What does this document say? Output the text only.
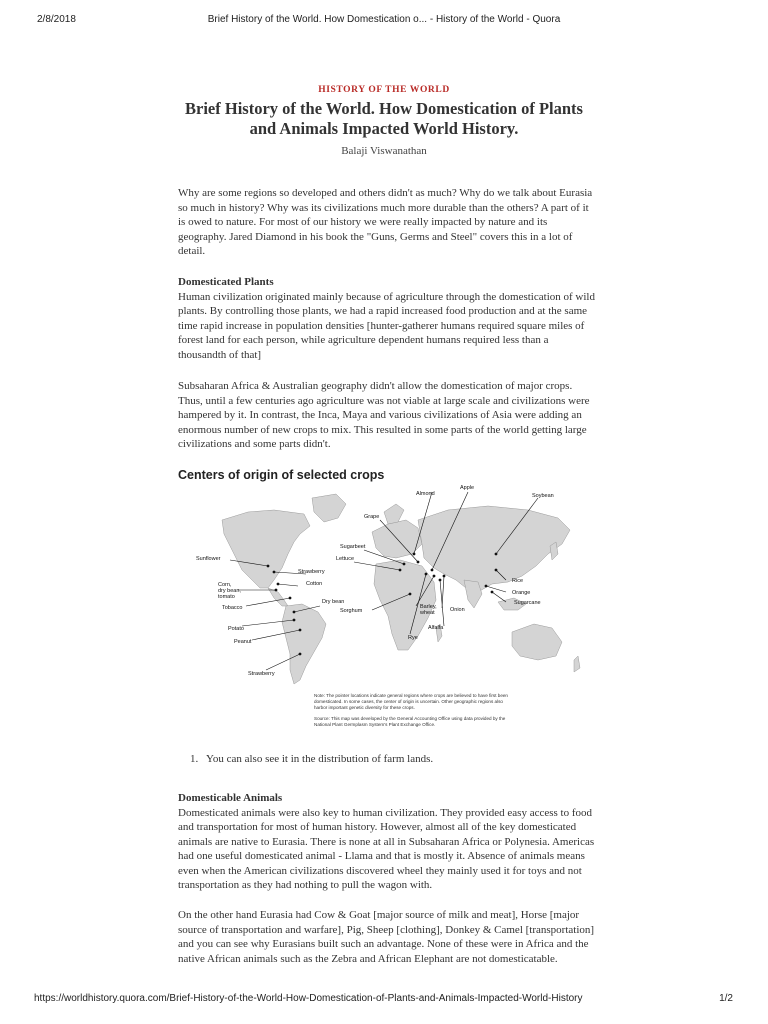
2/8/2018	Brief History of the World. How Domestication o... - History of the World - Quora
HISTORY OF THE WORLD
Brief History of the World. How Domestication of Plants and Animals Impacted World History.
Balaji Viswanathan

Why are some regions so developed and others didn't as much? Why do we talk about Eurasia so much in history? Why was its civilizations much more durable than the others? A part of it is owed to nature. For most of our history we were really impacted by nature and its geography. Jared Diamond in his book the "Guns, Germs and Steel" covers this in a lot of detail.

Domesticated Plants

Human civilization originated mainly because of agriculture through the domestication of wild plants. By controlling those plants, we had a rapid increased food production and at the same time rapid increase in population densities [hunter-gatherer humans required square miles of forest land for each person, while agriculture dependent humans required less than a thousandth of that]

Subsaharan Africa & Australian geography didn't allow the domestication of major crops. Thus, until a few centuries ago agriculture was not viable at large scale and civilizations were hampered by it. In contrast, the Inca, Maya and various civilizations of Asia were adding an enormous number of new crops to mix. This resulted in some parts of the world getting large civilizations and some parts didn't.

Centers of origin of selected crops
Almond
Apple
Soybean
Grape
Sugarbeet
Lettuce
Sunflower
Strawberry
Cotton
Corn,
dry bean,
tomato
Tobacco
Dry bean
Sorghum
Barley,
wheat	Onion
Rice
Orange
Sugarcane
Alfalfa
Rye
Potato
Peanut
Strawberry
Note: The pointer locations indicate general regions where crops are believed to have first been
domesticated. In some cases, the center of origin is uncertain. Other geographic regions also
harbor important genetic diversity for these crops.
Source: This map was developed by the General Accounting Office using data provided by the
National Plant Germplasm System's Plant Exchange Office.
1. You can also see it in the distribution of farm lands.
Domesticable Animals

Domesticated animals were also key to human civilization. They provided easy access to food and transportation for most of human history. However, almost all of the key domesticated animals are native to Eurasia. There is none at all in Subsaharan Africa or Polynesia. Americas had one useful domesticated animal - Llama and that is mostly it. Absence of animals means even when the American civilizations discovered wheel they mainly used it for toys and not transportation as they had nothing to pull the wagon with.

On the other hand Eurasia had Cow & Goat [major source of milk and meat], Horse [major source of transportation and warfare], Pig, Sheep [clothing], Donkey & Camel [transportation] and you can see why Eurasians built such an advantage. None of these were in Africa and the native African animals such as the Zebra and African Elephant are not domesticatable.

https://worldhistory.quora.com/Brief-History-of-the-World-How-Domestication-of-Plants-and-Animals-Impacted-World-History	1/2
